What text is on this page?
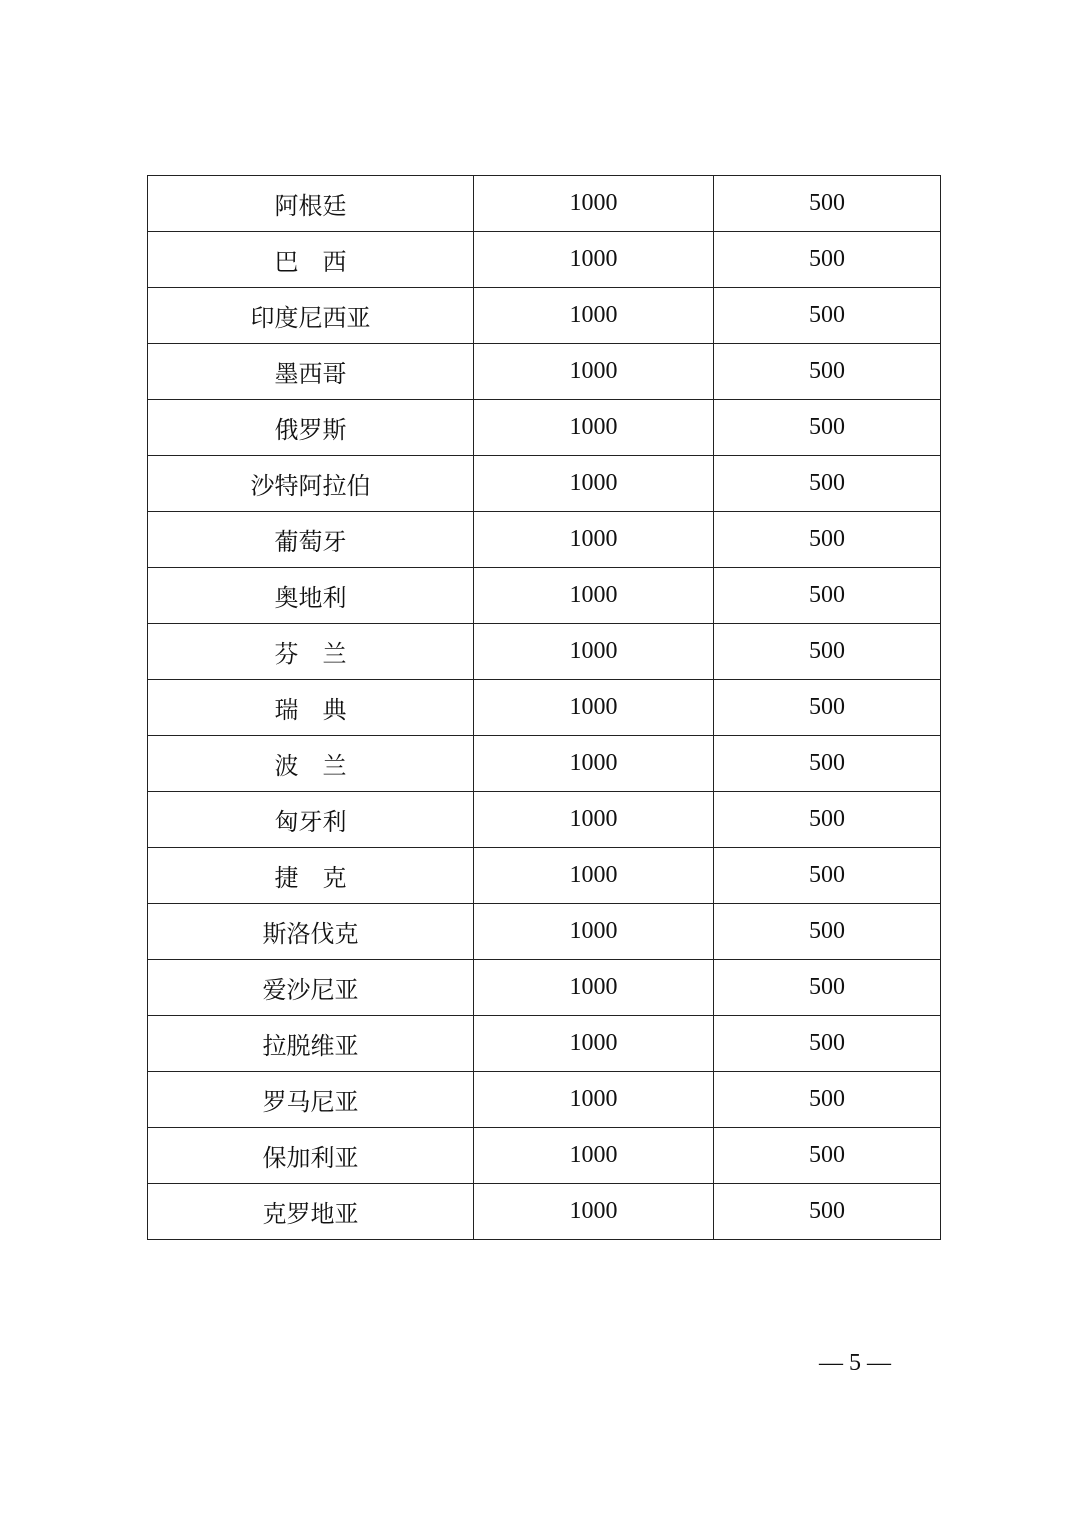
阿根廷	1000	500
巴　西	1000	500
印度尼西亚	1000	500
墨西哥	1000	500
俄罗斯	1000	500
沙特阿拉伯	1000	500
葡萄牙	1000	500
奥地利	1000	500
芬　兰	1000	500
瑞　典	1000	500
波　兰	1000	500
匈牙利	1000	500
捷　克	1000	500
斯洛伐克	1000	500
爱沙尼亚	1000	500
拉脱维亚	1000	500
罗马尼亚	1000	500
保加利亚	1000	500
克罗地亚	1000	500
— 5 —
